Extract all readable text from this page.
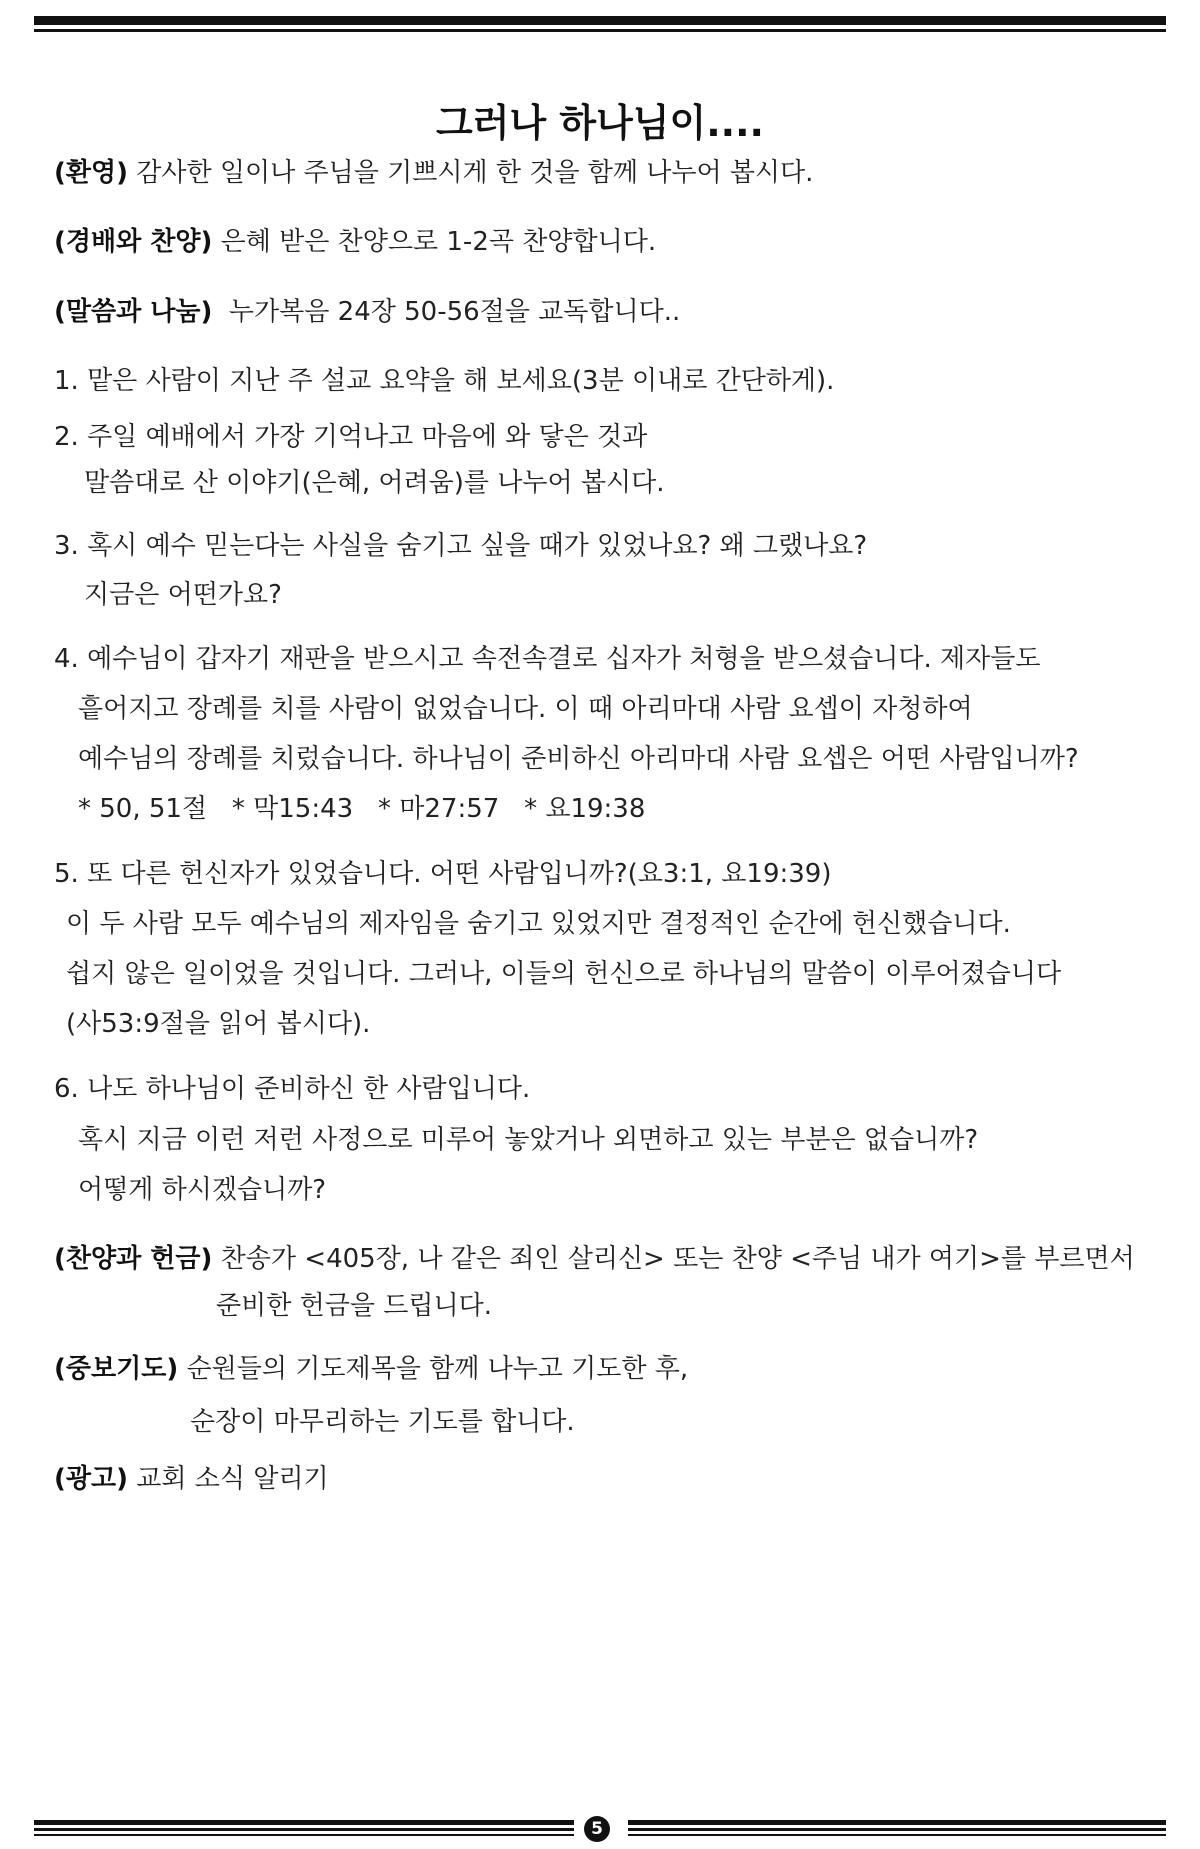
그러나 하나님이....
(환영) 감사한 일이나 주님을 기쁘시게 한 것을 함께 나누어 봅시다.
(경배와 찬양) 은혜 받은 찬양으로 1-2곡 찬양합니다.
(말씀과 나눔)  누가복음 24장 50-56절을 교독합니다..
1. 맡은 사람이 지난 주 설교 요약을 해 보세요(3분 이내로 간단하게).
2. 주일 예배에서 가장 기억나고 마음에 와 닿은 것과
말씀대로 산 이야기(은혜, 어려움)를 나누어 봅시다.
3. 혹시 예수 믿는다는 사실을 숨기고 싶을 때가 있었나요? 왜 그랬나요?
지금은 어떤가요?
4. 예수님이 갑자기 재판을 받으시고 속전속결로 십자가 처형을 받으셨습니다. 제자들도
흩어지고 장례를 치를 사람이 없었습니다. 이 때 아리마대 사람 요셉이 자청하여
예수님의 장례를 치렀습니다. 하나님이 준비하신 아리마대 사람 요셉은 어떤 사람입니까?
* 50, 51절   * 막15:43   * 마27:57   * 요19:38
5. 또 다른 헌신자가 있었습니다. 어떤 사람입니까?(요3:1, 요19:39)
이 두 사람 모두 예수님의 제자임을 숨기고 있었지만 결정적인 순간에 헌신했습니다.
쉽지 않은 일이었을 것입니다. 그러나, 이들의 헌신으로 하나님의 말씀이 이루어졌습니다
(사53:9절을 읽어 봅시다).
6. 나도 하나님이 준비하신 한 사람입니다.
혹시 지금 이런 저런 사정으로 미루어 놓았거나 외면하고 있는 부분은 없습니까?
어떻게 하시겠습니까?
(찬양과 헌금) 찬송가 <405장, 나 같은 죄인 살리신> 또는 찬양 <주님 내가 여기>를 부르면서
준비한 헌금을 드립니다.
(중보기도) 순원들의 기도제목을 함께 나누고 기도한 후,
순장이 마무리하는 기도를 합니다.
(광고) 교회 소식 알리기
5
